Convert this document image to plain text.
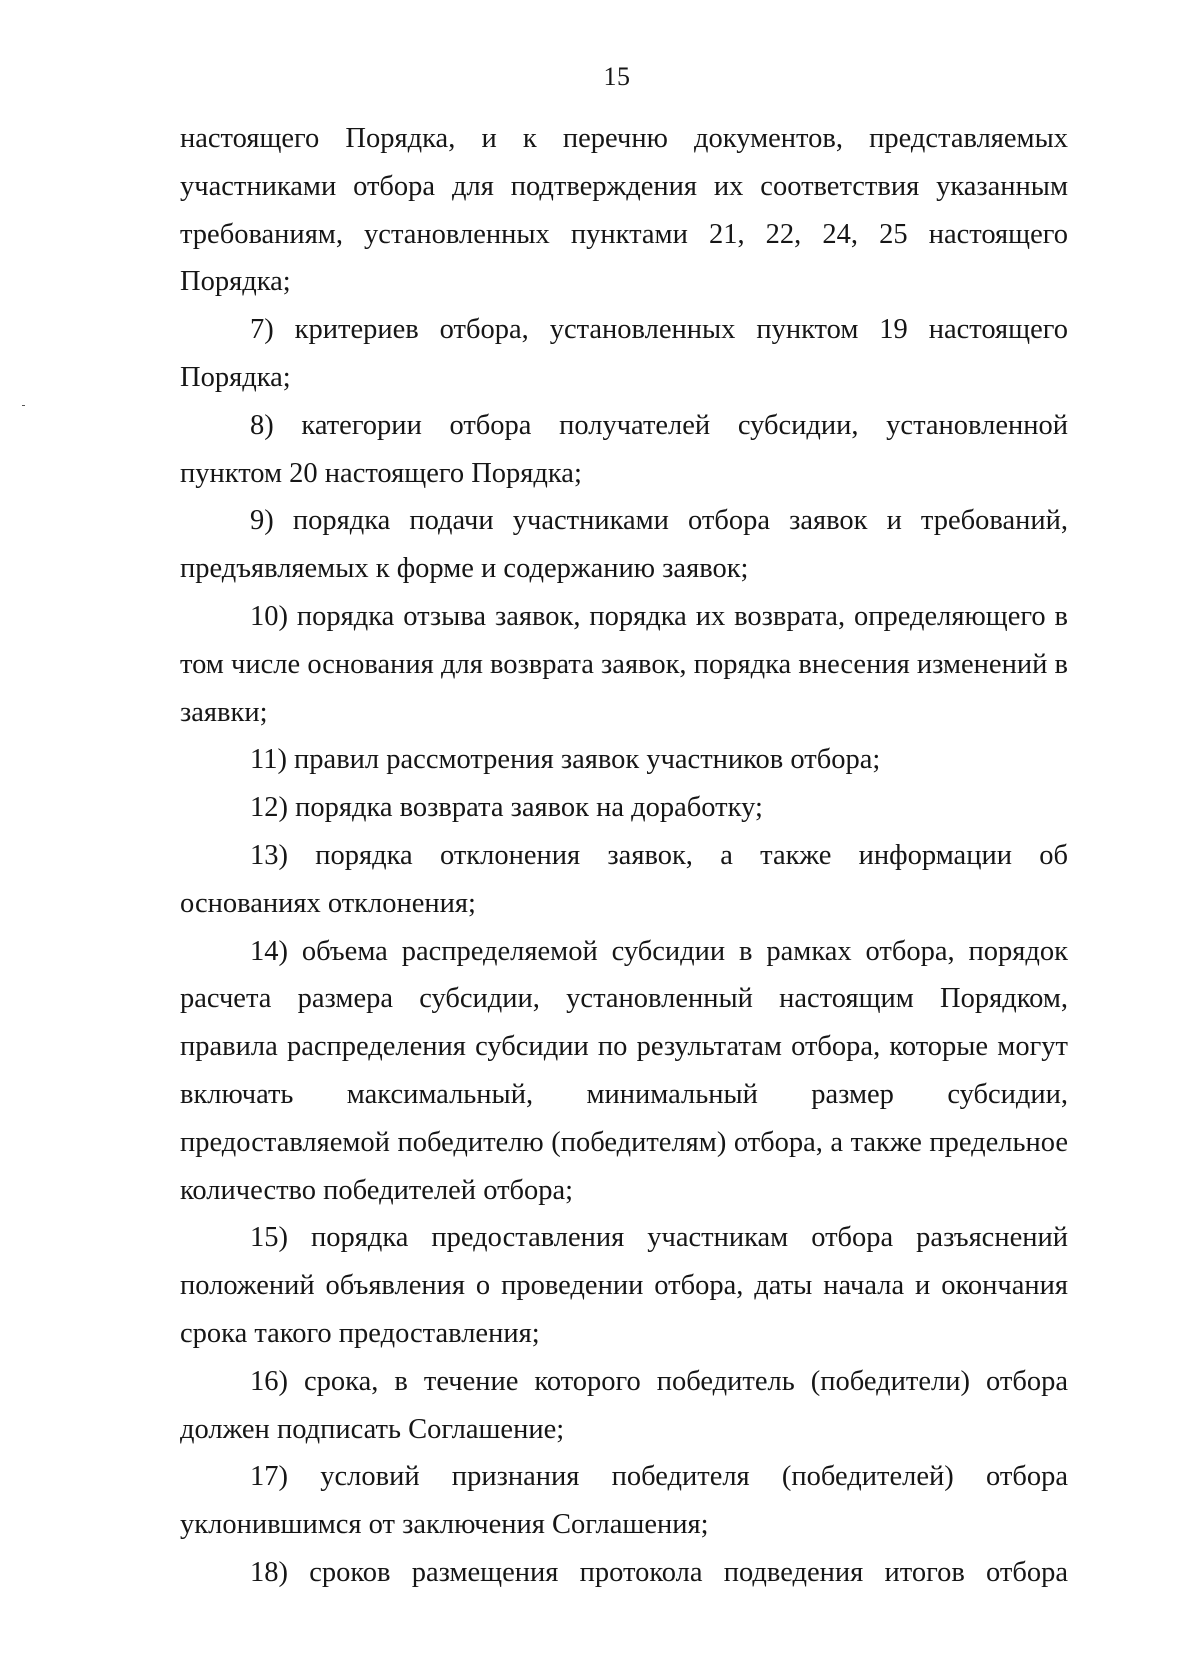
15

настоящего Порядка, и к перечню документов, представляемых участниками отбора для подтверждения их соответствия указанным требованиям, установленных пунктами 21, 22, 24, 25 настоящего Порядка;

7) критериев отбора, установленных пунктом 19 настоящего Порядка;

8) категории отбора получателей субсидии, установленной пунктом 20 настоящего Порядка;

9) порядка подачи участниками отбора заявок и требований, предъявляемых к форме и содержанию заявок;

10) порядка отзыва заявок, порядка их возврата, определяющего в том числе основания для возврата заявок, порядка внесения изменений в заявки;

11) правил рассмотрения заявок участников отбора;

12) порядка возврата заявок на доработку;

13) порядка отклонения заявок, а также информации об основаниях отклонения;

14) объема распределяемой субсидии в рамках отбора, порядок расчета размера субсидии, установленный настоящим Порядком, правила распределения субсидии по результатам отбора, которые могут включать максимальный, минимальный размер субсидии, предоставляемой победителю (победителям) отбора, а также предельное количество победителей отбора;

15) порядка предоставления участникам отбора разъяснений положений объявления о проведении отбора, даты начала и окончания срока такого предоставления;

16) срока, в течение которого победитель (победители) отбора должен подписать Соглашение;

17) условий признания победителя (победителей) отбора уклонившимся от заключения Соглашения;

18) сроков размещения протокола подведения итогов отбора
